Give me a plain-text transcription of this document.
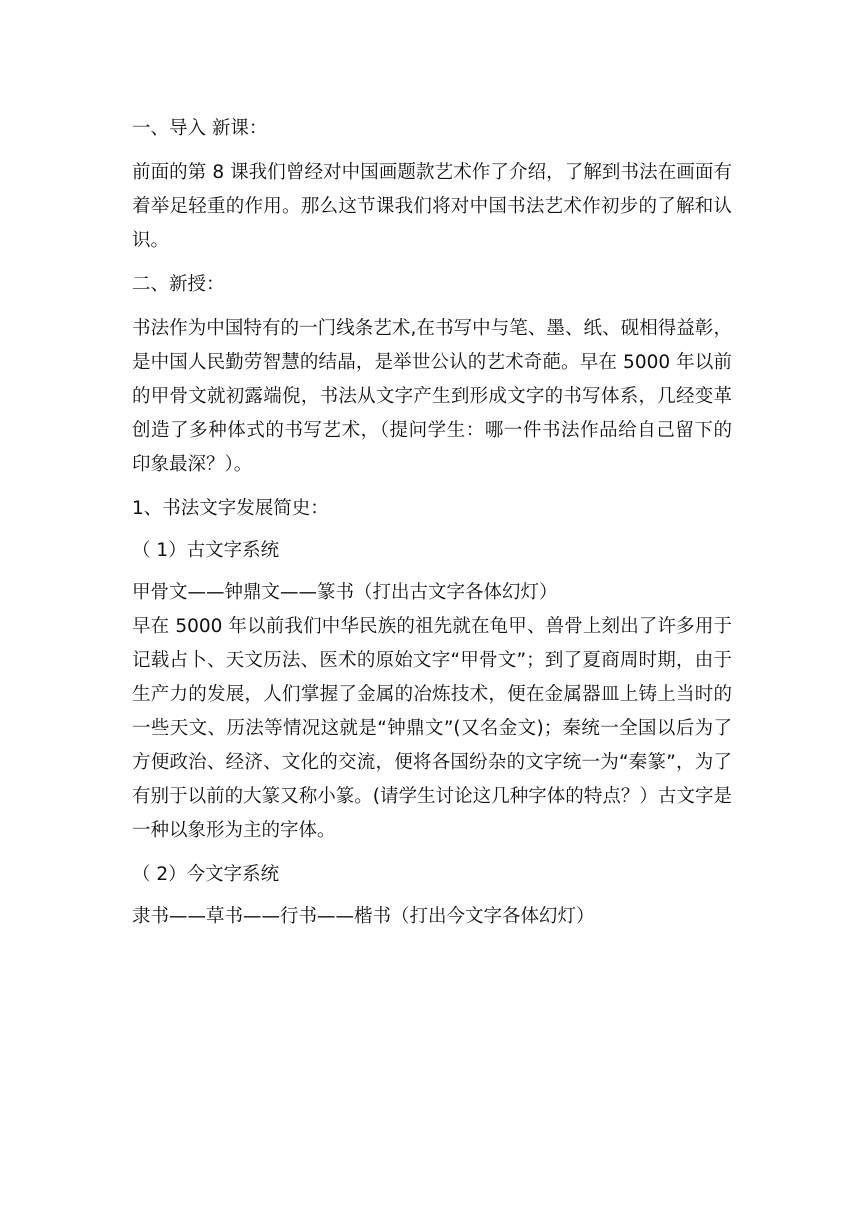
一、导入 新课：

前面的第 8 课我们曾经对中国画题款艺术作了介绍，了解到书法在画面有着举足轻重的作用。那么这节课我们将对中国书法艺术作初步的了解和认识。

二、新授：

书法作为中国特有的一门线条艺术,在书写中与笔、墨、纸、砚相得益彰，是中国人民勤劳智慧的结晶，是举世公认的艺术奇葩。早在 5000 年以前的甲骨文就初露端倪，书法从文字产生到形成文字的书写体系，几经变革创造了多种体式的书写艺术，（提问学生：哪一件书法作品给自己留下的印象最深？）。

1、书法文字发展简史：

（ 1）古文字系统

甲骨文——钟鼎文——篆书（打出古文字各体幻灯）

早在 5000 年以前我们中华民族的祖先就在龟甲、兽骨上刻出了许多用于记载占卜、天文历法、医术的原始文字“甲骨文”；到了夏商周时期，由于生产力的发展，人们掌握了金属的冶炼技术，便在金属器皿上铸上当时的一些天文、历法等情况这就是“钟鼎文”(又名金文)；秦统一全国以后为了方便政治、经济、文化的交流，便将各国纷杂的文字统一为“秦篆”，为了有别于以前的大篆又称小篆。(请学生讨论这几种字体的特点？）古文字是一种以象形为主的字体。

（ 2）今文字系统

隶书——草书——行书——楷书（打出今文字各体幻灯）
